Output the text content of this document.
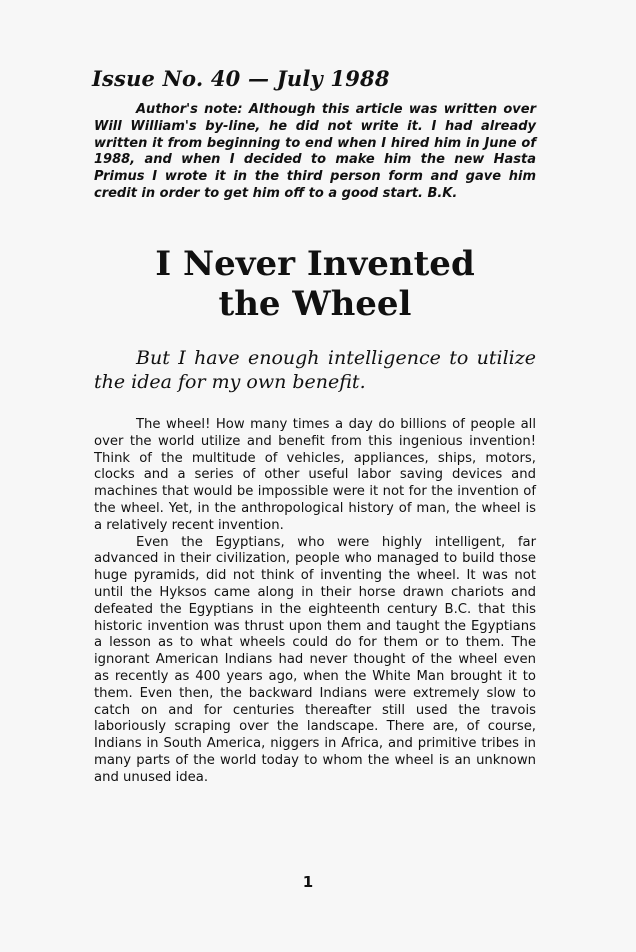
Issue No. 40 — July 1988
Author's note: Although this article was written over Will William's by-line, he did not write it. I had already written it from beginning to end when I hired him in June of 1988, and when I decided to make him the new Hasta Primus I wrote it in the third person form and gave him credit in order to get him off to a good start. B.K.
I Never Invented
the Wheel
But I have enough intelligence to utilize the idea for my own benefit.

The wheel! How many times a day do billions of people all over the world utilize and benefit from this ingenious invention! Think of the multitude of vehicles, appliances, ships, motors, clocks and a series of other useful labor saving devices and machines that would be impossible were it not for the invention of the wheel. Yet, in the anthropological history of man, the wheel is a relatively recent invention.

Even the Egyptians, who were highly intelligent, far advanced in their civilization, people who managed to build those huge pyramids, did not think of inventing the wheel. It was not until the Hyksos came along in their horse drawn chariots and defeated the Egyptians in the eighteenth century B.C. that this historic invention was thrust upon them and taught the Egyptians a lesson as to what wheels could do for them or to them. The ignorant American Indians had never thought of the wheel even as recently as 400 years ago, when the White Man brought it to them. Even then, the backward Indians were extremely slow to catch on and for centuries thereafter still used the travois laboriously scraping over the landscape. There are, of course, Indians in South America, niggers in Africa, and primitive tribes in many parts of the world today to whom the wheel is an unknown and unused idea.

1
